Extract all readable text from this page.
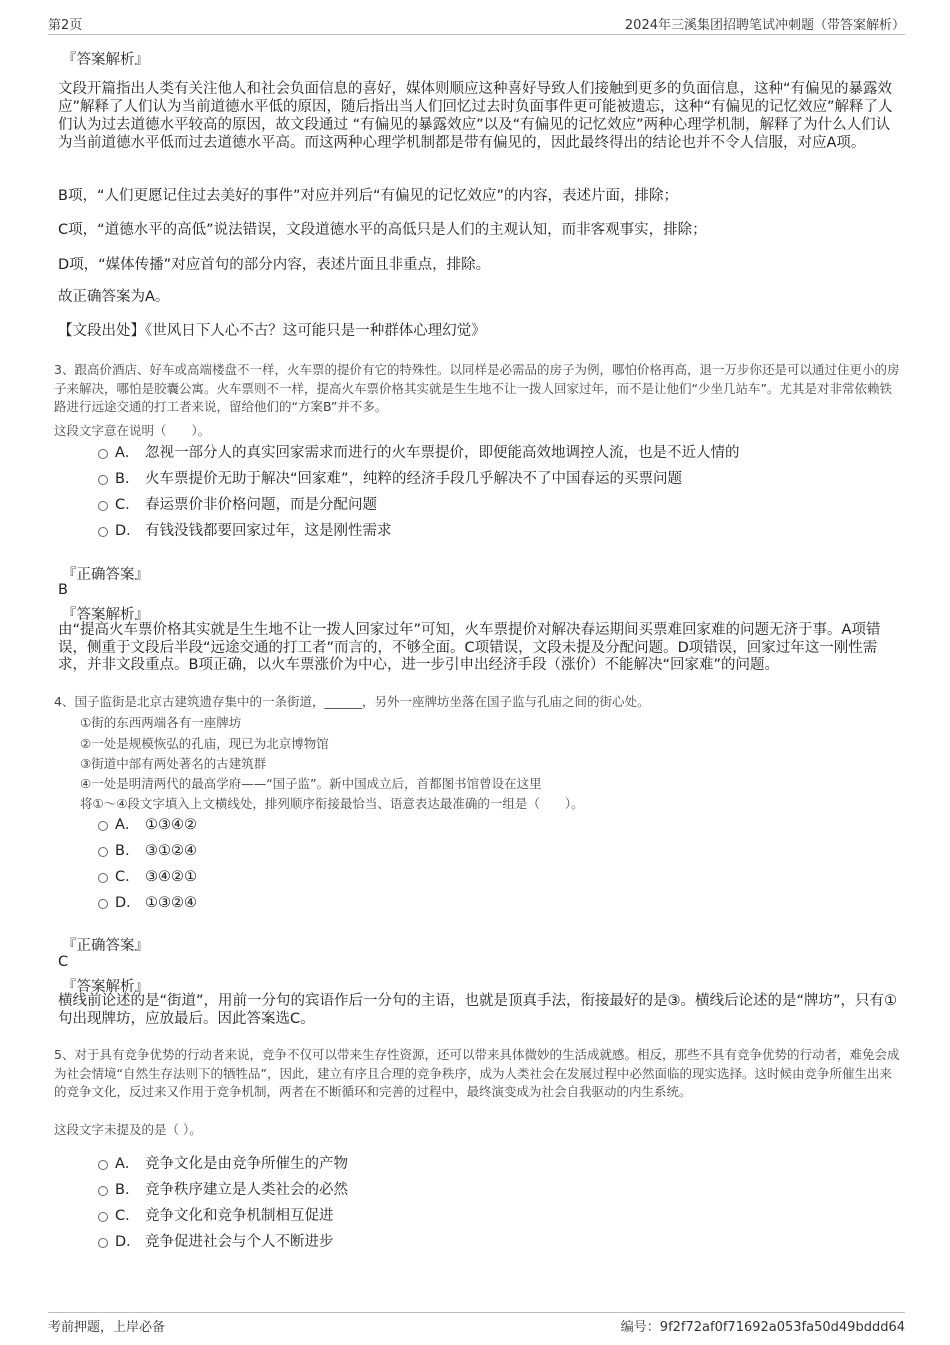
第2页	2024年三溪集团招聘笔试冲刺题（带答案解析）
『答案解析』

文段开篇指出人类有关注他人和社会负面信息的喜好，媒体则顺应这种喜好导致人们接触到更多的负面信息，这种“有偏见的暴露效应”解释了人们认为当前道德水平低的原因，随后指出当人们回忆过去时负面事件更可能被遗忘，这种“有偏见的记忆效应”解释了人们认为过去道德水平较高的原因，故文段通过 “有偏见的暴露效应”以及“有偏见的记忆效应”两种心理学机制，解释了为什么人们认为当前道德水平低而过去道德水平高。而这两种心理学机制都是带有偏见的，因此最终得出的结论也并不令人信服，对应A项。

B项，“人们更愿记住过去美好的事件”对应并列后“有偏见的记忆效应”的内容，表述片面，排除；

C项，“道德水平的高低”说法错误，文段道德水平的高低只是人们的主观认知，而非客观事实，排除；

D项，“媒体传播”对应首句的部分内容，表述片面且非重点，排除。

故正确答案为A。

【文段出处】《世风日下人心不古？这可能只是一种群体心理幻觉》

3、跟高价酒店、好车或高端楼盘不一样，火车票的提价有它的特殊性。以同样是必需品的房子为例，哪怕价格再高，退一万步你还是可以通过住更小的房子来解决，哪怕是胶囊公寓。火车票则不一样，提高火车票价格其实就是生生地不让一拨人回家过年，而不是让他们“少坐几站车”。尤其是对非常依赖铁路进行远途交通的打工者来说，留给他们的“方案B”并不多。

这段文字意在说明（　　）。

A． 忽视一部分人的真实回家需求而进行的火车票提价，即便能高效地调控人流，也是不近人情的
B． 火车票提价无助于解决“回家难”，纯粹的经济手段几乎解决不了中国春运的买票问题
C． 春运票价非价格问题，而是分配问题
D． 有钱没钱都要回家过年，这是刚性需求
『正确答案』
B
『答案解析』

由“提高火车票价格其实就是生生地不让一拨人回家过年”可知，火车票提价对解决春运期间买票难回家难的问题无济于事。A项错误，侧重于文段后半段“远途交通的打工者”而言的，不够全面。C项错误，文段未提及分配问题。D项错误，回家过年这一刚性需求，并非文段重点。B项正确，以火车票涨价为中心，进一步引申出经济手段（涨价）不能解决“回家难”的问题。

4、国子监街是北京古建筑遗存集中的一条街道，______，另外一座牌坊坐落在国子监与孔庙之间的街心处。

①街的东西两端各有一座牌坊
②一处是规模恢弘的孔庙，现已为北京博物馆
③街道中部有两处著名的古建筑群
④一处是明清两代的最高学府——“国子监”。新中国成立后，首都图书馆曾设在这里
将①～④段文字填入上文横线处，排列顺序衔接最恰当、语意表达最准确的一组是（　　）。
A． ①③④②
B． ③①②④
C． ③④②①
D． ①③②④
『正确答案』
C
『答案解析』

横线前论述的是“街道”，用前一分句的宾语作后一分句的主语，也就是顶真手法，衔接最好的是③。横线后论述的是“牌坊”，只有①句出现牌坊，应放最后。因此答案选C。

5、对于具有竞争优势的行动者来说，竞争不仅可以带来生存性资源，还可以带来具体微妙的生活成就感。相反，那些不具有竞争优势的行动者，难免会成为社会情境“自然生存法则下的牺牲品”，因此，建立有序且合理的竞争秩序，成为人类社会在发展过程中必然面临的现实选择。这时候由竞争所催生出来的竞争文化，反过来又作用于竞争机制，两者在不断循环和完善的过程中，最终演变成为社会自我驱动的内生系统。

这段文字未提及的是（ ）。

A． 竞争文化是由竞争所催生的产物
B． 竞争秩序建立是人类社会的必然
C． 竞争文化和竞争机制相互促进
D． 竞争促进社会与个人不断进步
考前押题，上岸必备	编号：9f2f72af0f71692a053fa50d49bddd64
